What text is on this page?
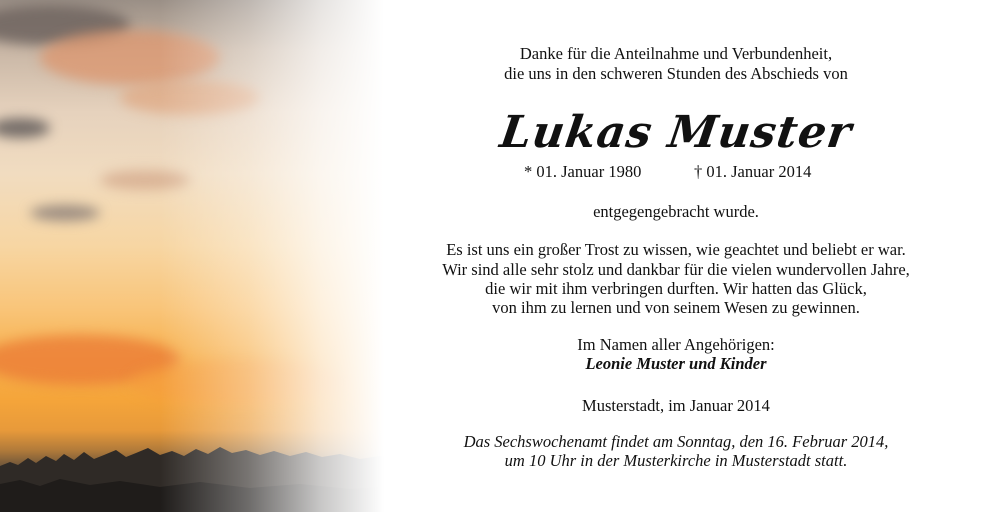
Danke für die Anteilnahme und Verbundenheit,
die uns in den schweren Stunden des Abschieds von
Lukas Muster
* 01. Januar 1980	† 01. Januar 2014
entgegengebracht wurde.
Es ist uns ein großer Trost zu wissen, wie geachtet und beliebt er war.
Wir sind alle sehr stolz und dankbar für die vielen wundervollen Jahre,
die wir mit ihm verbringen durften. Wir hatten das Glück,
von ihm zu lernen und von seinem Wesen zu gewinnen.
Im Namen aller Angehörigen:
Leonie Muster und Kinder
Musterstadt, im Januar 2014
Das Sechswochenamt findet am Sonntag, den 16. Februar 2014,
um 10 Uhr in der Musterkirche in Musterstadt statt.
